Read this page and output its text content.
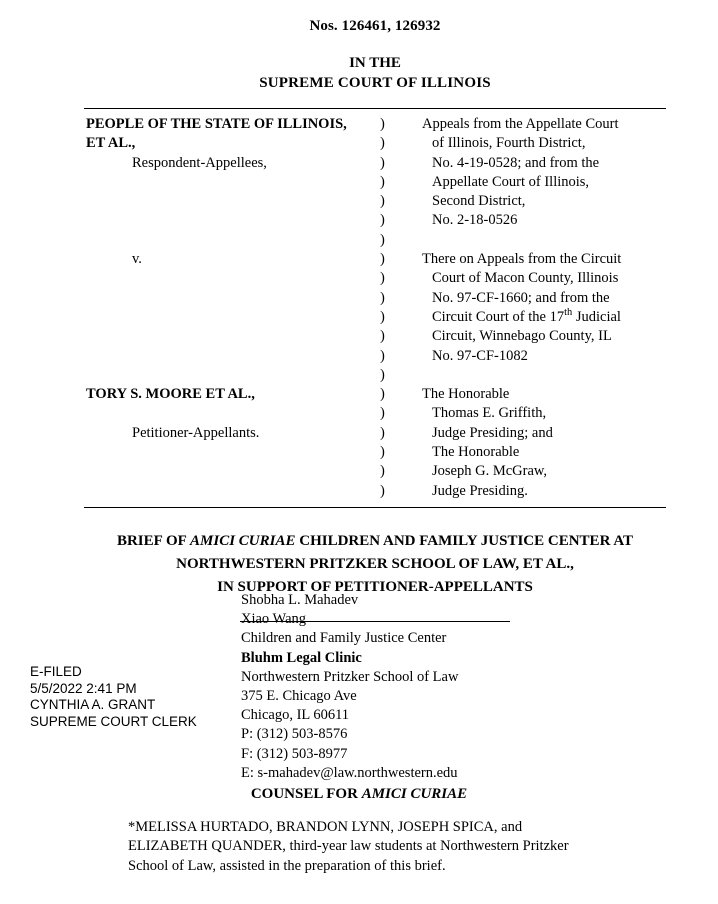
Nos. 126461, 126932
IN THE
SUPREME COURT OF ILLINOIS
PEOPLE OF THE STATE OF ILLINOIS,
ET AL.,
Respondent-Appellees,
v.
TORY S. MOORE ET AL.,
Petitioner-Appellants.
)
)
)
)
)
)
)
)
)
)
)
)
)
)
)
)
)
)
)
)
Appeals from the Appellate Court
of Illinois, Fourth District,
No. 4-19-0528; and from the
Appellate Court of Illinois,
Second District,
No. 2-18-0526
There on Appeals from the Circuit
Court of Macon County, Illinois
No. 97-CF-1660; and from the
Circuit Court of the 17th Judicial
Circuit, Winnebago County, IL
No. 97-CF-1082
The Honorable
Thomas E. Griffith,
Judge Presiding; and
The Honorable
Joseph G. McGraw,
Judge Presiding.
BRIEF OF AMICI CURIAE CHILDREN AND FAMILY JUSTICE CENTER AT
NORTHWESTERN PRITZKER SCHOOL OF LAW, ET AL.,
IN SUPPORT OF PETITIONER-APPELLANTS
Shobha L. Mahadev
Xiao Wang
Children and Family Justice Center
Bluhm Legal Clinic
Northwestern Pritzker School of Law
375 E. Chicago Ave
Chicago, IL 60611
P: (312) 503-8576
F: (312) 503-8977
E: s-mahadev@law.northwestern.edu
E-FILED
5/5/2022 2:41 PM
CYNTHIA A. GRANT
SUPREME COURT CLERK
COUNSEL FOR AMICI CURIAE
*MELISSA HURTADO, BRANDON LYNN, JOSEPH SPICA, and
ELIZABETH QUANDER, third-year law students at Northwestern Pritzker
School of Law, assisted in the preparation of this brief.
